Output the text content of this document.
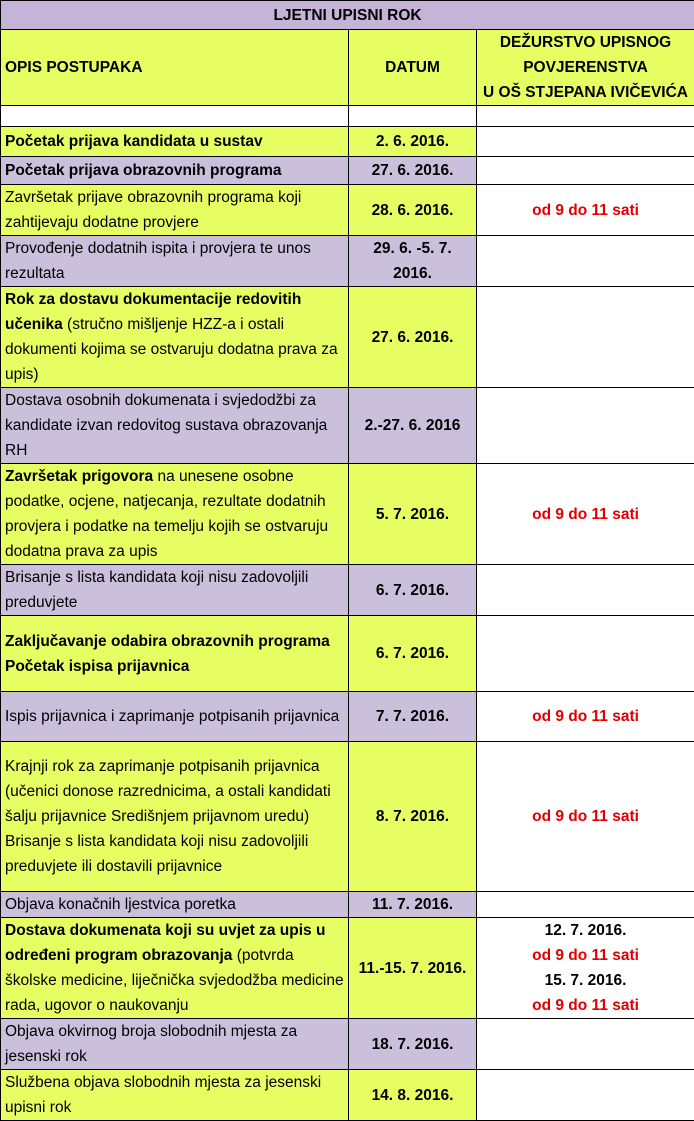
LJETNI UPISNI ROK		
OPIS POSTUPAKA	DATUM	DEŽURSTVO UPISNOG
POVJERENSTVA
U OŠ STJEPANA IVIČEVIĆA

Početak prijava kandidata u sustav	2. 6. 2016.	
Početak prijava obrazovnih programa	27. 6. 2016.	
Završetak prijave obrazovnih programa koji zahtijevaju dodatne provjere	28. 6. 2016.	od 9 do 11 sati
Provođenje dodatnih ispita i provjera te unos rezultata	29. 6. -5. 7. 2016.	
Rok za dostavu dokumentacije redovitih učenika (stručno mišljenje HZZ-a i ostali dokumenti kojima se ostvaruju dodatna prava za upis)	27. 6. 2016.	
Dostava osobnih dokumenata i svjedodžbi za kandidate izvan redovitog sustava obrazovanja RH	2.-27. 6. 2016	
Završetak prigovora na unesene osobne podatke, ocjene, natjecanja, rezultate dodatnih provjera i podatke na temelju kojih se ostvaruju dodatna prava za upis	5. 7. 2016.	od 9 do 11 sati
Brisanje s lista kandidata koji nisu zadovoljili preduvjete	6. 7. 2016.	

Zaključavanje odabira obrazovnih programa
Početak ispisa prijavnica	6. 7. 2016.	
Ispis prijavnica i zaprimanje potpisanih prijavnica	7. 7. 2016.	od 9 do 11 sati

Krajnji rok za zaprimanje potpisanih prijavnica (učenici donose razrednicima, a ostali kandidati šalju prijavnice Središnjem prijavnom uredu)
Brisanje s lista kandidata koji nisu zadovoljili preduvjete ili dostavili prijavnice	8. 7. 2016.	od 9 do 11 sati
Objava konačnih ljestvica poretka	11. 7. 2016.	

Dostava dokumenata koji su uvjet za upis u određeni program obrazovanja (potvrda školske medicine, liječnička svjedodžba medicine rada, ugovor o naukovanju	11.-15. 7. 2016.	12. 7. 2016.
od 9 do 11 sati
15. 7. 2016.
od 9 do 11 sati

Objava okvirnog broja slobodnih mjesta za jesenski rok	18. 7. 2016.	
Službena objava slobodnih mjesta za jesenski upisni rok	14. 8. 2016.	
